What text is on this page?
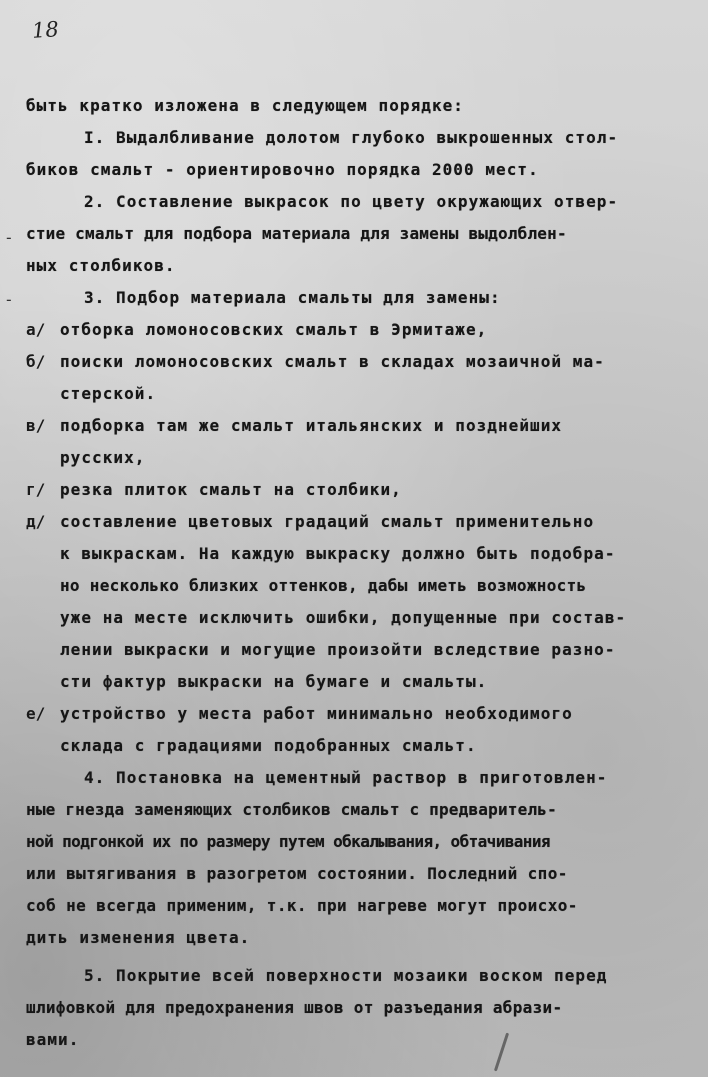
18
-
-
быть кратко изложена в следующем порядке:
I. Выдалбливание долотом глубоко выкрошенных стол-
биков смальт - ориентировочно порядка 2000 мест.
2. Составление выкрасок по цвету окружающих отвер-
стие смальт для подбора материала для замены выдолблен-
ных столбиков.
3. Подбор материала смальты для замены:
а/ отборка ломоносовских смальт в Эрмитаже,
б/ поиски ломоносовских смальт в складах мозаичной ма-
стерской.
в/ подборка там же смальт итальянских и позднейших
русских,
г/ резка плиток смальт на столбики,
д/ составление цветовых градаций смальт применительно
к выкраскам. На каждую выкраску должно быть подобра-
но несколько близких оттенков, дабы иметь возможность
уже на месте исключить ошибки, допущенные при состав-
лении выкраски и могущие произойти вследствие разно-
сти фактур выкраски на бумаге и смальты.
е/ устройство у места работ минимально необходимого
склада с градациями подобранных смальт.
4. Постановка на цементный раствор в приготовлен-
ные гнезда заменяющих столбиков смальт с предваритель-
ной подгонкой их по размеру путем обкалывания, обтачивания
или вытягивания в разогретом состоянии. Последний спо-
соб не всегда применим, т.к. при нагреве могут происхо-
дить изменения цвета.
5. Покрытие всей поверхности мозаики воском перед
шлифовкой для предохранения швов от разъедания абрази-
вами.
